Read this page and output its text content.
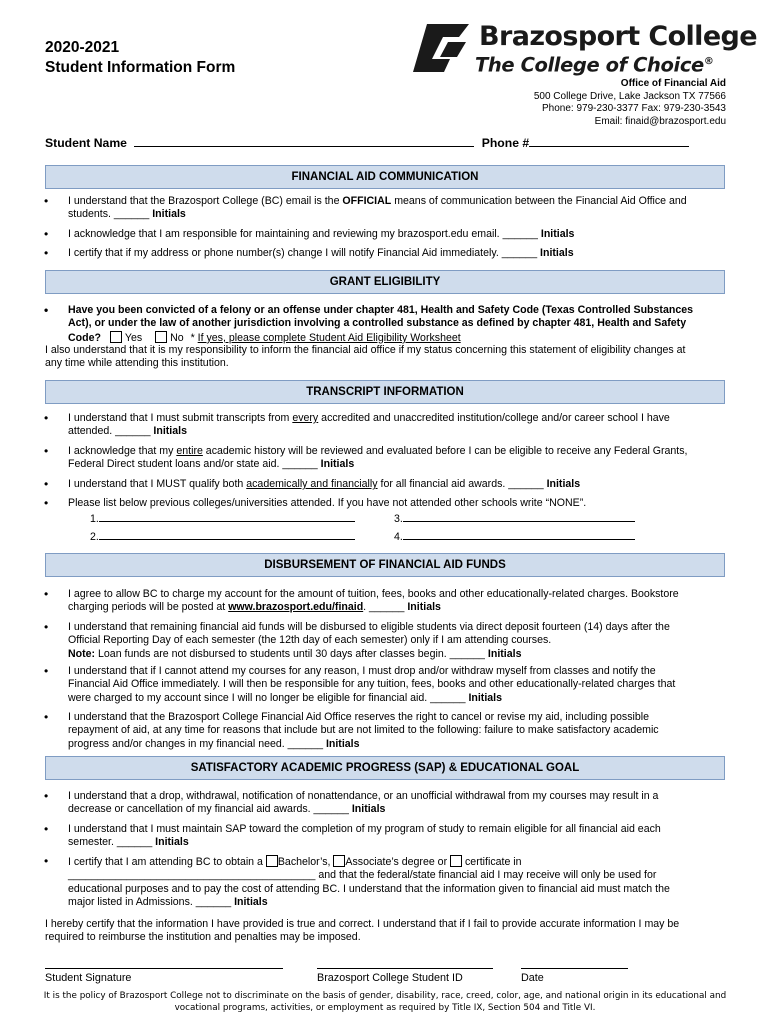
2020-2021
Student Information Form
Brazosport College
The College of Choice®
Office of Financial Aid
500 College Drive, Lake Jackson TX 77566
Phone: 979-230-3377 Fax: 979-230-3543
Email: finaid@brazosport.edu
Student Name	Phone #
FINANCIAL AID COMMUNICATION
• I understand that the Brazosport College (BC) email is the OFFICIAL means of communication between the Financial Aid Office and students. ______ Initials
• I acknowledge that I am responsible for maintaining and reviewing my brazosport.edu email. ______ Initials
• I certify that if my address or phone number(s) change I will notify Financial Aid immediately. ______ Initials
GRANT ELIGIBILITY
• Have you been convicted of a felony or an offense under chapter 481, Health and Safety Code (Texas Controlled Substances Act), or under the law of another jurisdiction involving a controlled substance as defined by chapter 481, Health and Safety Code? Yes	No * If yes, please complete Student Aid Eligibility Worksheet
I also understand that it is my responsibility to inform the financial aid office if my status concerning this statement of eligibility changes at any time while attending this institution.
TRANSCRIPT INFORMATION
• I understand that I must submit transcripts from every accredited and unaccredited institution/college and/or career school I have attended. ______ Initials
• I acknowledge that my entire academic history will be reviewed and evaluated before I can be eligible to receive any Federal Grants, Federal Direct student loans and/or state aid. ______ Initials
• I understand that I MUST qualify both academically and financially for all financial aid awards. ______ Initials
• Please list below previous colleges/universities attended. If you have not attended other schools write “NONE”.
1.	3.
2.	4.
DISBURSEMENT OF FINANCIAL AID FUNDS
• I agree to allow BC to charge my account for the amount of tuition, fees, books and other educationally-related charges. Bookstore charging periods will be posted at www.brazosport.edu/finaid. ______ Initials
• I understand that remaining financial aid funds will be disbursed to eligible students via direct deposit fourteen (14) days after the Official Reporting Day of each semester (the 12th day of each semester) only if I am attending courses.
Note: Loan funds are not disbursed to students until 30 days after classes begin. ______ Initials
• I understand that if I cannot attend my courses for any reason, I must drop and/or withdraw myself from classes and notify the Financial Aid Office immediately. I will then be responsible for any tuition, fees, books and other educationally-related charges that were charged to my account since I will no longer be eligible for financial aid. ______ Initials
• I understand that the Brazosport College Financial Aid Office reserves the right to cancel or revise my aid, including possible repayment of aid, at any time for reasons that include but are not limited to the following: failure to make satisfactory academic progress and/or changes in my financial need. ______ Initials
SATISFACTORY ACADEMIC PROGRESS (SAP) & EDUCATIONAL GOAL
• I understand that a drop, withdrawal, notification of nonattendance, or an unofficial withdrawal from my courses may result in a decrease or cancellation of my financial aid awards. ______ Initials
• I understand that I must maintain SAP toward the completion of my program of study to remain eligible for all financial aid each semester. ______ Initials
• I certify that I am attending BC to obtain a Bachelor’s, Associate’s degree or  certificate in
__________________________________________ and that the federal/state financial aid I may receive will only be used for educational purposes and to pay the cost of attending BC. I understand that the information given to financial aid must match the major listed in Admissions. ______ Initials
I hereby certify that the information I have provided is true and correct. I understand that if I fail to provide accurate information I may be required to reimburse the institution and penalties may be imposed.
Student Signature	Brazosport College Student ID	Date
It is the policy of Brazosport College not to discriminate on the basis of gender, disability, race, creed, color, age, and national origin in its educational and vocational programs, activities, or employment as required by Title IX, Section 504 and Title VI.
